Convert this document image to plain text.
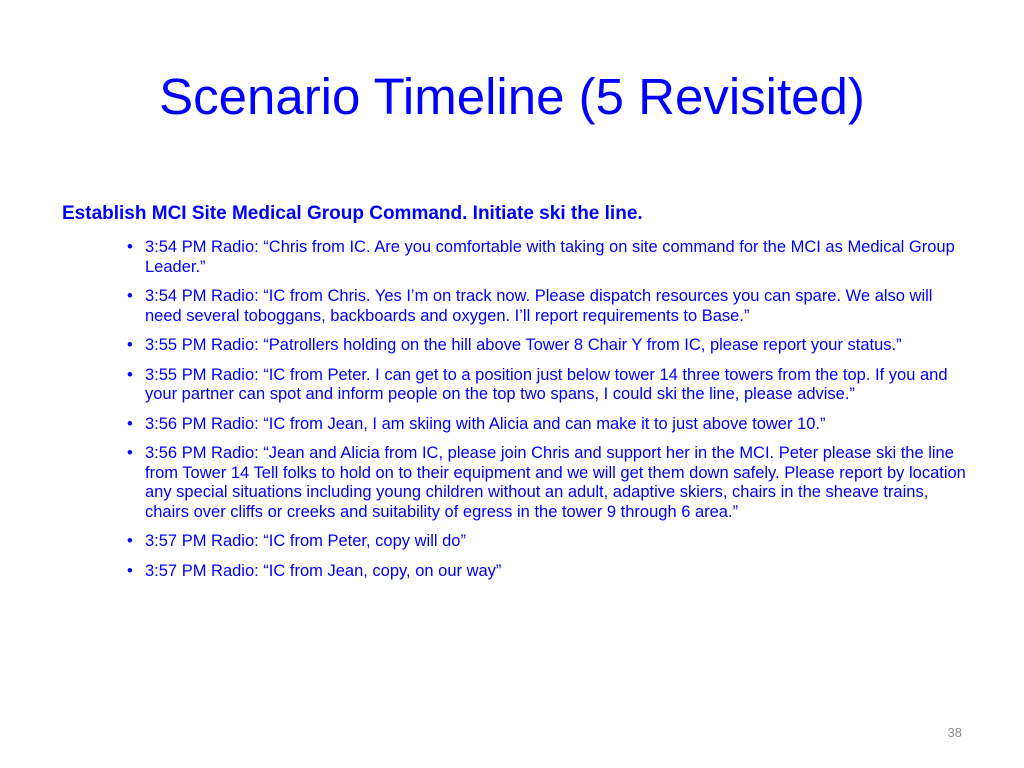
Scenario Timeline (5 Revisited)
Establish MCI Site Medical Group Command. Initiate ski the line.
• 3:54 PM Radio: “Chris from IC. Are you comfortable with taking on site command for the MCI as Medical Group Leader.”
• 3:54 PM Radio: “IC from Chris. Yes I’m on track now. Please dispatch resources you can spare. We also will need several toboggans, backboards and oxygen. I’ll report requirements to Base.”
• 3:55 PM Radio: “Patrollers holding on the hill above Tower 8 Chair Y from IC, please report your status.”
• 3:55 PM Radio: “IC from Peter. I can get to a position just below tower 14 three towers from the top. If you and your partner can spot and inform people on the top two spans, I could ski the line, please advise.”
• 3:56 PM Radio: “IC from Jean, I am skiing with Alicia and can make it to just above tower 10.”
• 3:56 PM Radio: “Jean and Alicia from IC, please join Chris and support her in the MCI. Peter please ski the line from Tower 14 Tell folks to hold on to their equipment and we will get them down safely. Please report by location any special situations including young children without an adult, adaptive skiers, chairs in the sheave trains, chairs over cliffs or creeks and suitability of egress in the tower 9 through 6 area.”
• 3:57 PM Radio: “IC from Peter, copy will do”
• 3:57 PM Radio: “IC from Jean, copy, on our way”
38
